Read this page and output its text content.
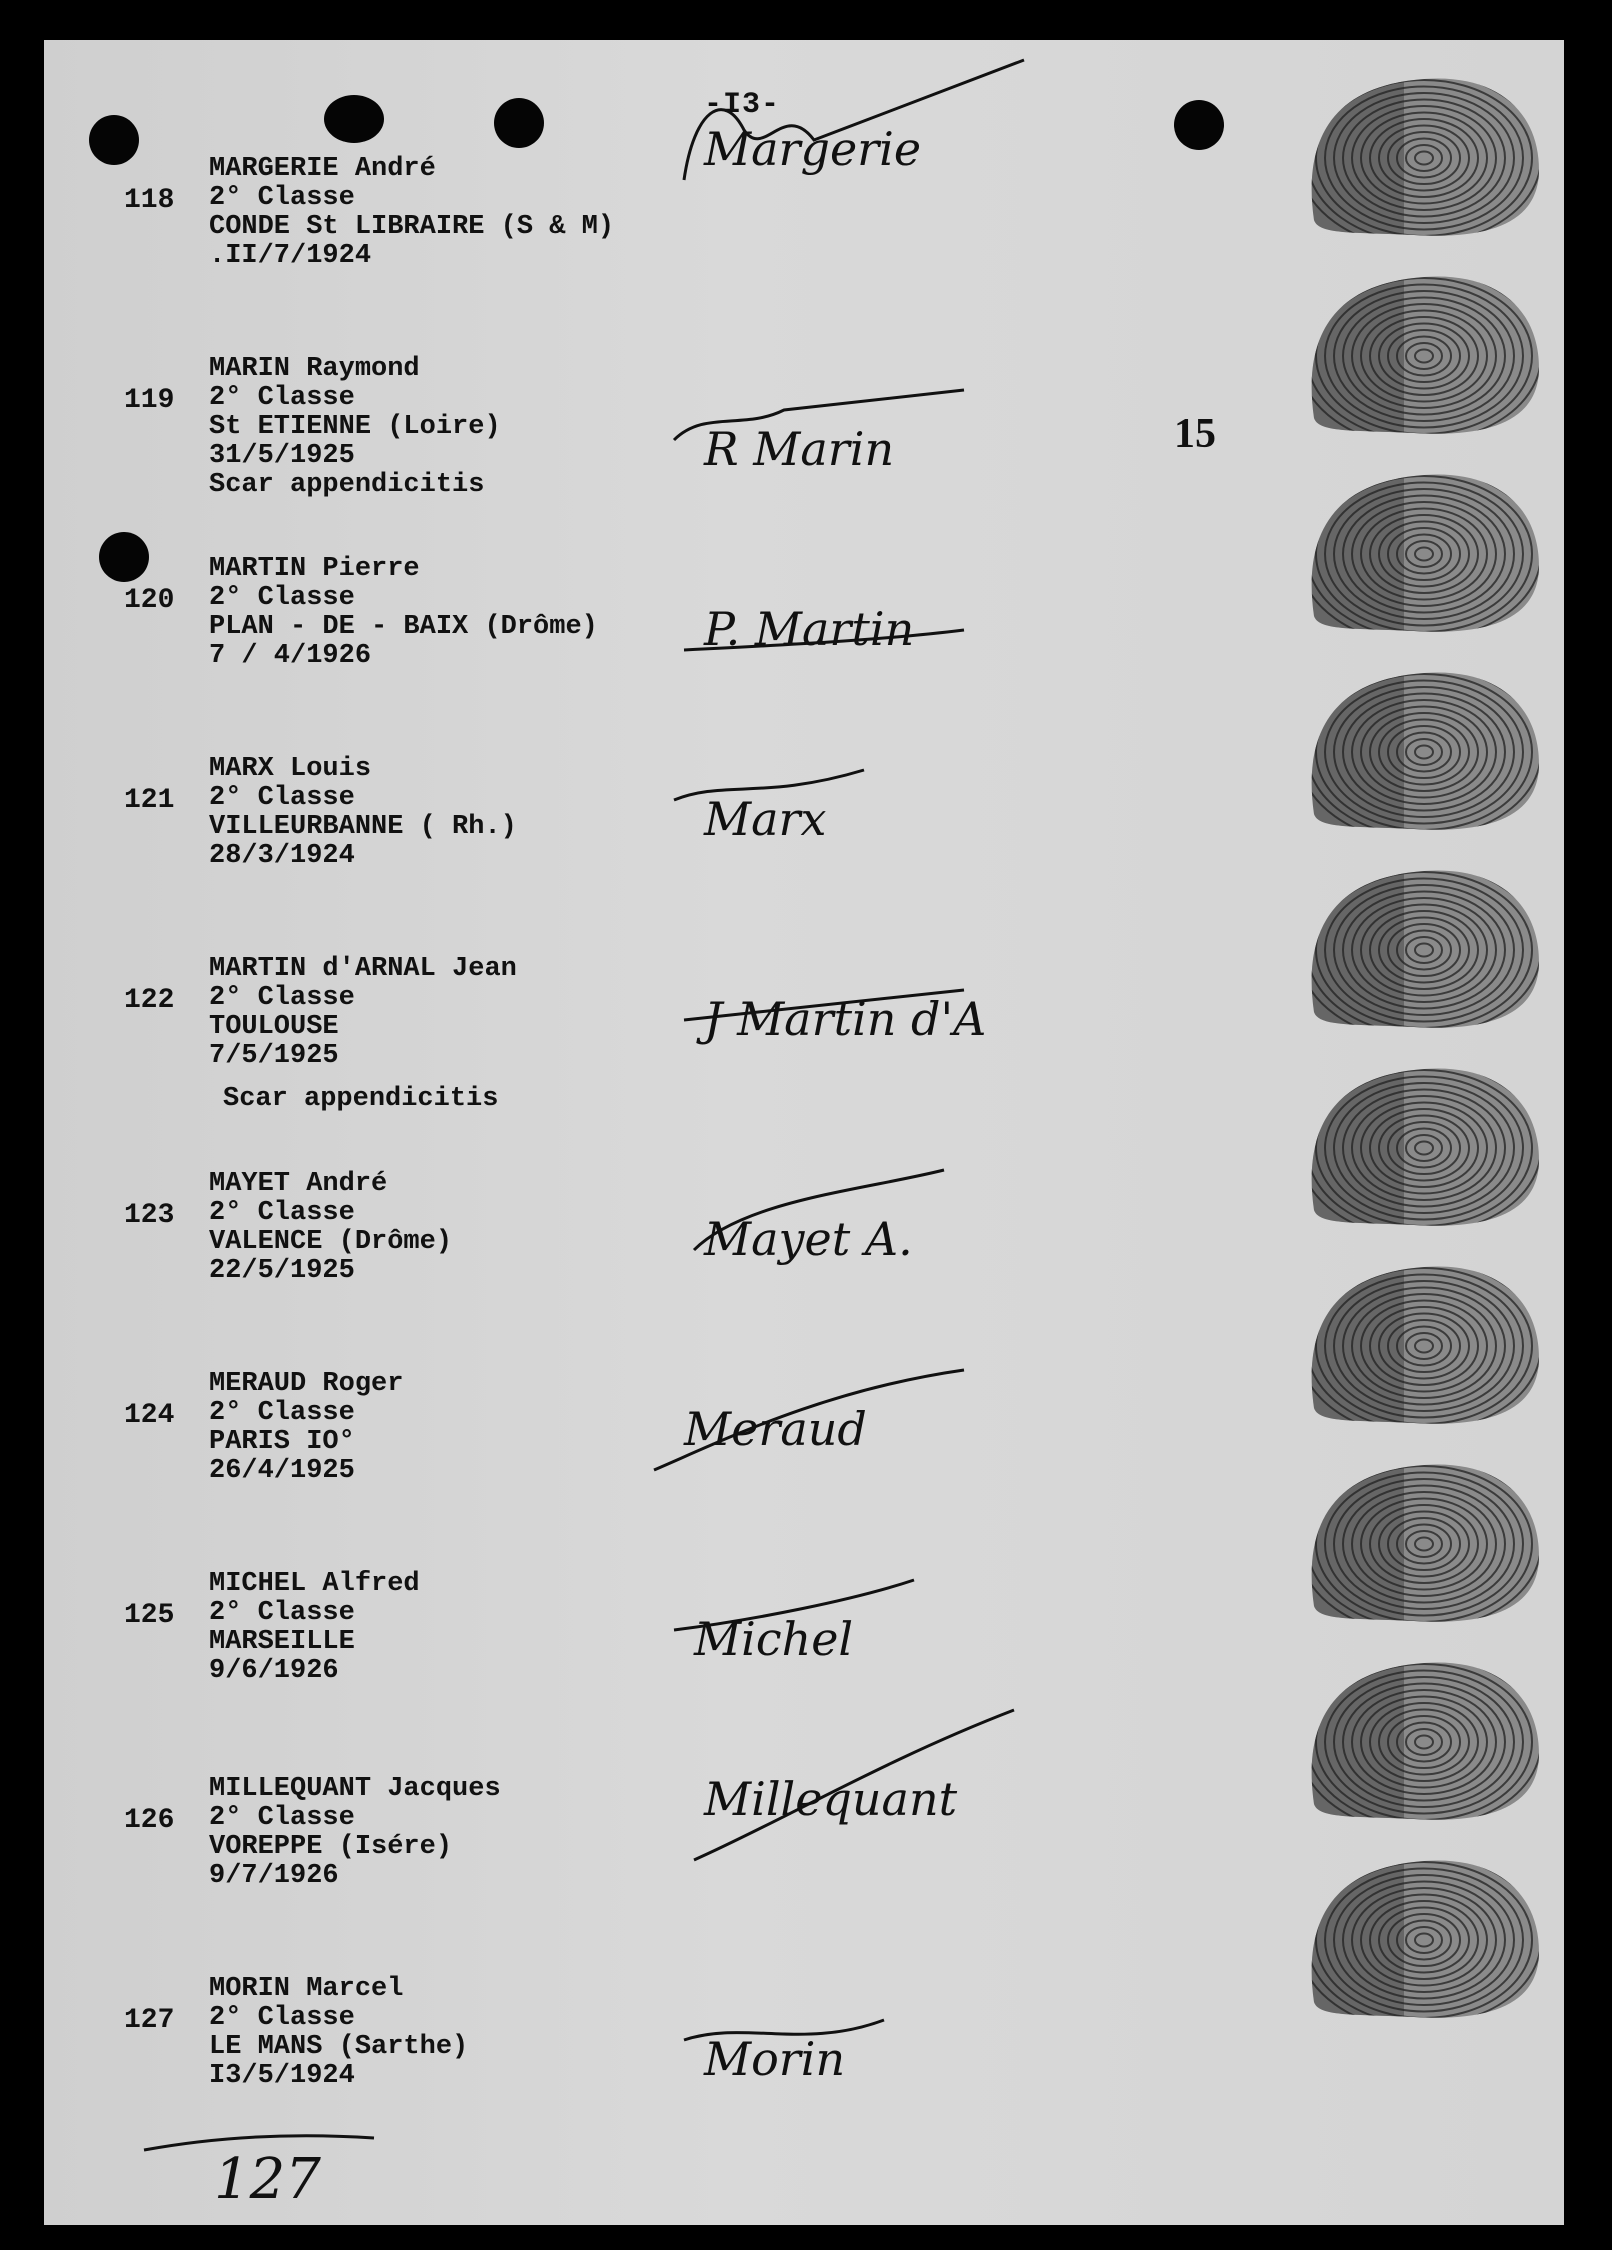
-I3-
15
118
MARGERIE André
2° Classe
CONDE St LIBRAIRE (S & M)
.II/7/1924
119
MARIN Raymond
2° Classe
St ETIENNE (Loire)
31/5/1925
Scar appendicitis
120
MARTIN Pierre
2° Classe
PLAN - DE - BAIX (Drôme)
7 / 4/1926
121
MARX Louis
2° Classe
VILLEURBANNE ( Rh.)
28/3/1924
122
MARTIN d'ARNAL Jean
2° Classe
TOULOUSE
7/5/1925
Scar appendicitis
123
MAYET André
2° Classe
VALENCE (Drôme)
22/5/1925
124
MERAUD Roger
2° Classe
PARIS IO°
26/4/1925
125
MICHEL Alfred
2° Classe
MARSEILLE
9/6/1926
126
MILLEQUANT Jacques
2° Classe
VOREPPE (Isére)
9/7/1926
127
MORIN Marcel
2° Classe
LE MANS (Sarthe)
I3/5/1924
127
Margerie
R Marin
P. Martin
Marx
J Martin d'A
Mayet A.
Meraud
Michel
Millequant
Morin
